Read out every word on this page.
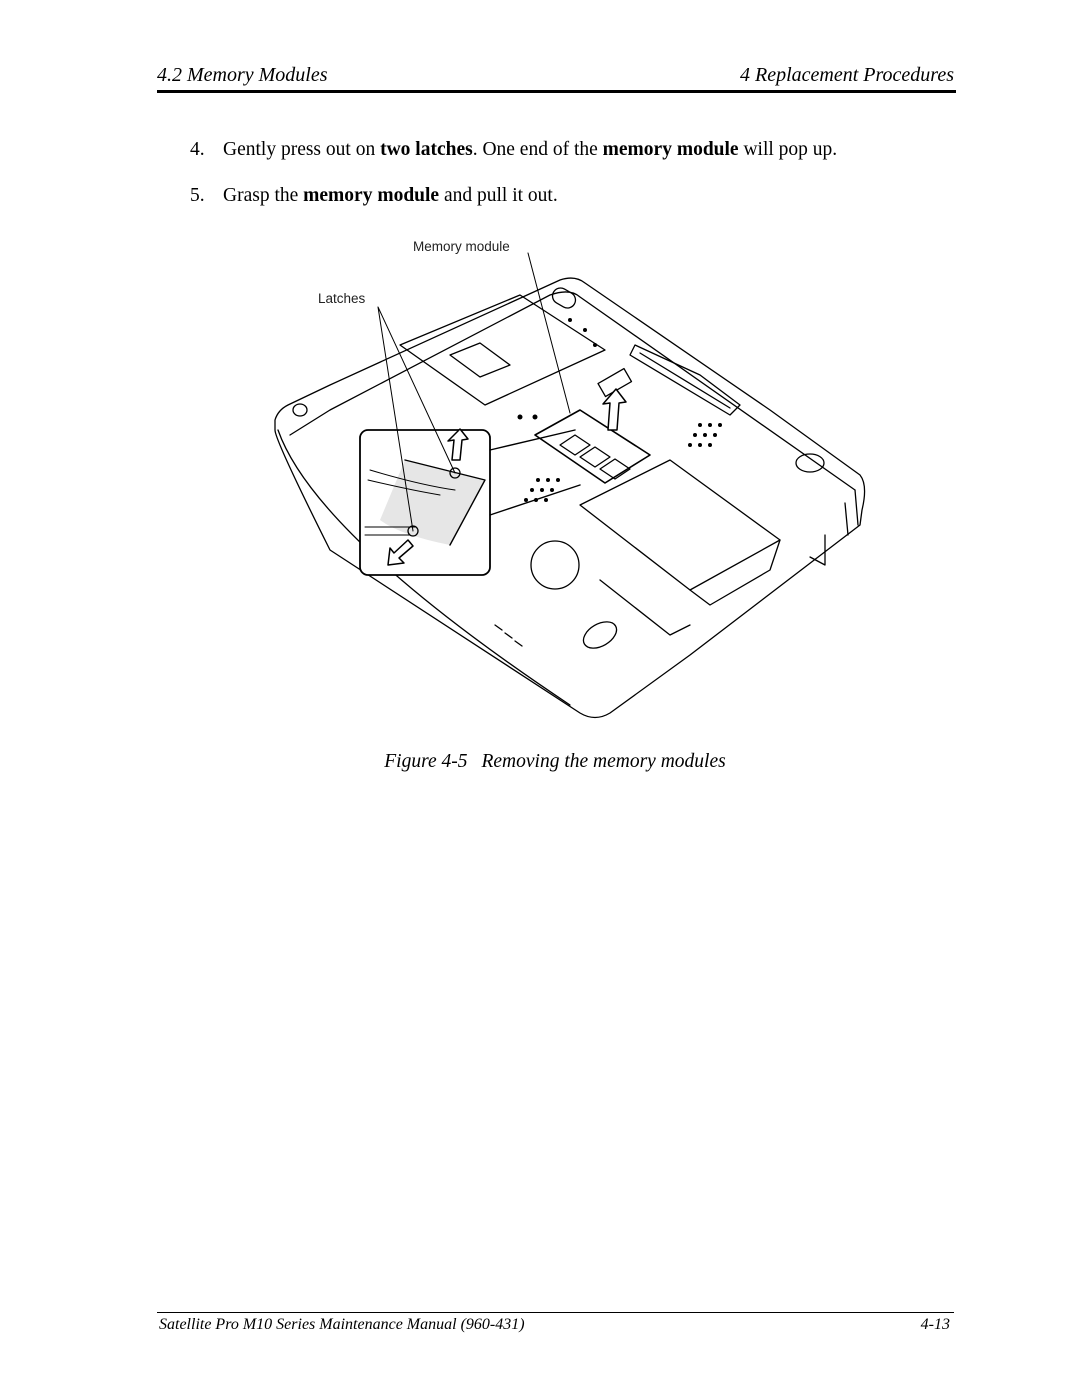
4.2 Memory Modules	4 Replacement Procedures
4. Gently press out on two latches. One end of the memory module will pop up.
5. Grasp the memory module and pull it out.
Memory module
Latches
Figure 4-5 Removing the memory modules
Satellite Pro M10 Series Maintenance Manual (960-431)	4-13
